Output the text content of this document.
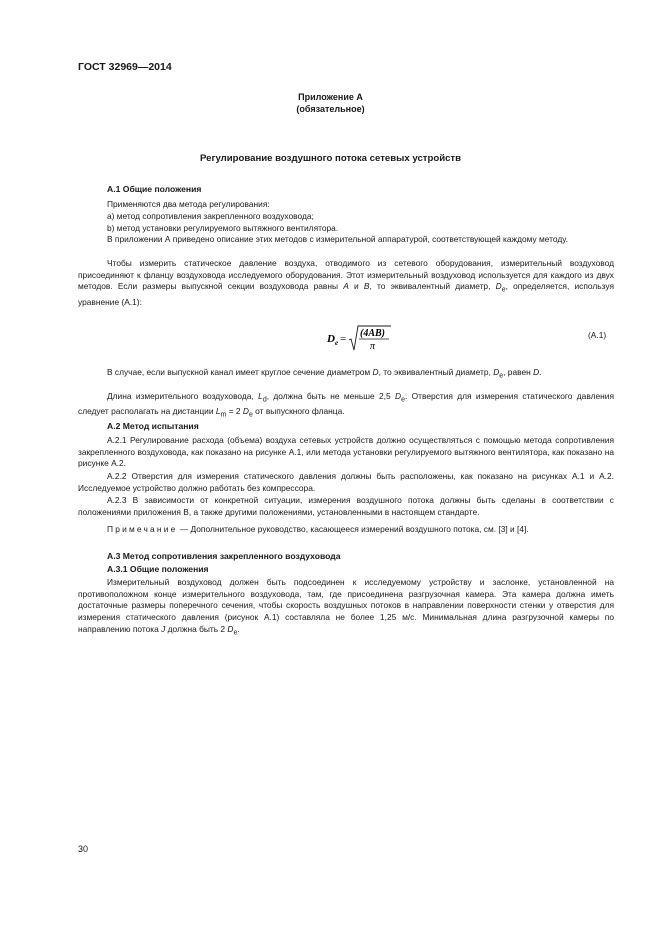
ГОСТ 32969—2014
Приложение А
(обязательное)
Регулирование воздушного потока сетевых устройств
А.1 Общие положения
Применяются два метода регулирования:
a) метод сопротивления закрепленного воздуховода;
b) метод установки регулируемого вытяжного вентилятора.
В приложении А приведено описание этих методов с измерительной аппаратурой, соответствующей каждому методу.
Чтобы измерить статическое давление воздуха, отводимого из сетевого оборудования, измерительный воздуховод присоединяют к фланцу воздуховода исследуемого оборудования. Этот измерительный воздуховод используется для каждого из двух методов. Если размеры выпускной секции воздуховода равны A и B, то эквивалентный диаметр, $D_e$, определяется, используя уравнение (А.1):
D e = (4AB)
π
(А.1)
В случае, если выпускной канал имеет круглое сечение диаметром D, то эквивалентный диаметр, $D_e$, равен D.
Длина измерительного воздуховода, $L_d$, должна быть не меньше 2,5 $D_e$. Отверстия для измерения статического давления следует располагать на дистанции $L_m = 2$ $D_e$ от выпускного фланца.
А.2 Метод испытания
А.2.1 Регулирование расхода (объема) воздуха сетевых устройств должно осуществляться с помощью метода сопротивления закрепленного воздуховода, как показано на рисунке А.1, или метода установки регулируемого вытяжного вентилятора, как показано на рисунке А.2.
А.2.2 Отверстия для измерения статического давления должны быть расположены, как показано на рисунках А.1 и А.2. Исследуемое устройство должно работать без компрессора.
А.2.3 В зависимости от конкретной ситуации, измерения воздушного потока должны быть сделаны в соответствии с положениями приложения В, а также другими положениями, установленными в настоящем стандарте.
Примечание — Дополнительное руководство, касающееся измерений воздушного потока, см. [3] и [4].
А.3 Метод сопротивления закрепленного воздуховода
А.3.1 Общие положения
Измерительный воздуховод должен быть подсоединен к исследуемому устройству и заслонке, установленной на противоположном конце измерительного воздуховода, там, где присоединена разгрузочная камера. Эта камера должна иметь достаточные размеры поперечного сечения, чтобы скорость воздушных потоков в направлении поверхности стенки у отверстия для измерения статического давления (рисунок А.1) составляла не более 1,25 м/с. Минимальная длина разгрузочной камеры по направлению потока J должна быть 2 $D_e$.
30
